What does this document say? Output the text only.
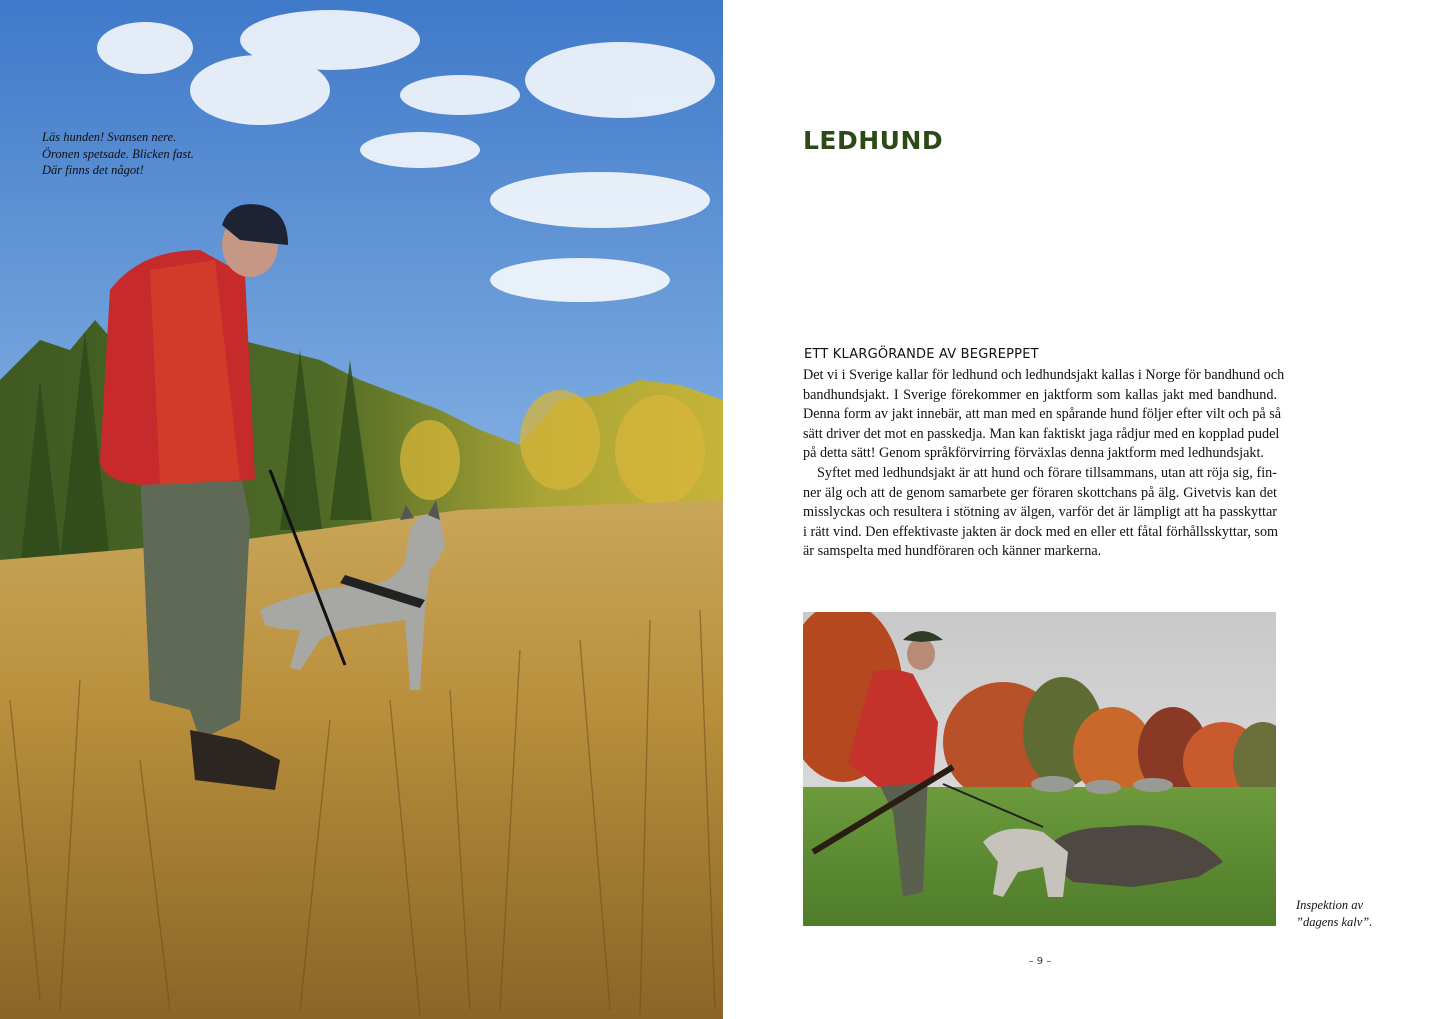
Läs hunden! Svansen nere.
Öronen spetsade. Blicken fast.
Där finns det något!
LEDHUND
ETT KLARGÖRANDE AV BEGREPPET
Det vi i Sverige kallar för ledhund och ledhundsjakt kallas i Norge för bandhund och
bandhundsjakt. I Sverige förekommer en jaktform som kallas jakt med bandhund.
Denna form av jakt innebär, att man med en spårande hund följer efter vilt och på så
sätt driver det mot en passkedja. Man kan faktiskt jaga rådjur med en kopplad pudel
på detta sätt! Genom språkförvirring förväxlas denna jaktform med ledhundsjakt.
Syftet med ledhundsjakt är att hund och förare tillsammans, utan att röja sig, fin-
ner älg och att de genom samarbete ger föraren skottchans på älg. Givetvis kan det
misslyckas och resultera i stötning av älgen, varför det är lämpligt att ha passkyttar
i rätt vind. Den effektivaste jakten är dock med en eller ett fåtal förhållsskyttar, som
är samspelta med hundföraren och känner markerna.
Inspektion av
”dagens kalv”.
– 9 –
